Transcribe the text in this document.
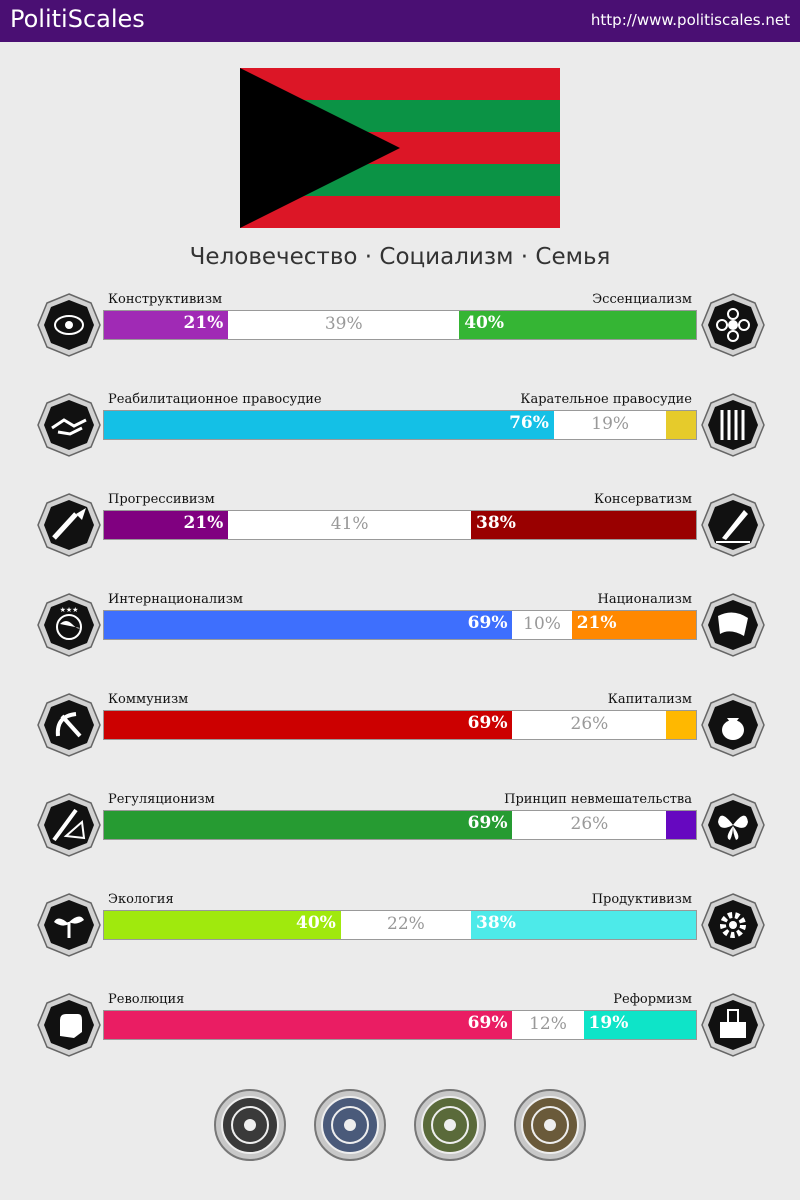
PolitiScales	http://www.politiscales.net
Человечество · Социализм · Семья
Конструктивизм	Эссенциализм
21%	39%	40%
Реабилитационное правосудие	Карательное правосудие
76%	19%
Прогрессивизм	Консерватизм
21%	41%	38%
★★★
Интернационализм	Национализм
69% 10% 21%
Коммунизм	Капитализм
69%	26%
Регуляционизм	Принцип невмешательства
69%	26%
Экология	Продуктивизм
40%	22%	38%
Революция	Реформизм
69%	12%	19%
